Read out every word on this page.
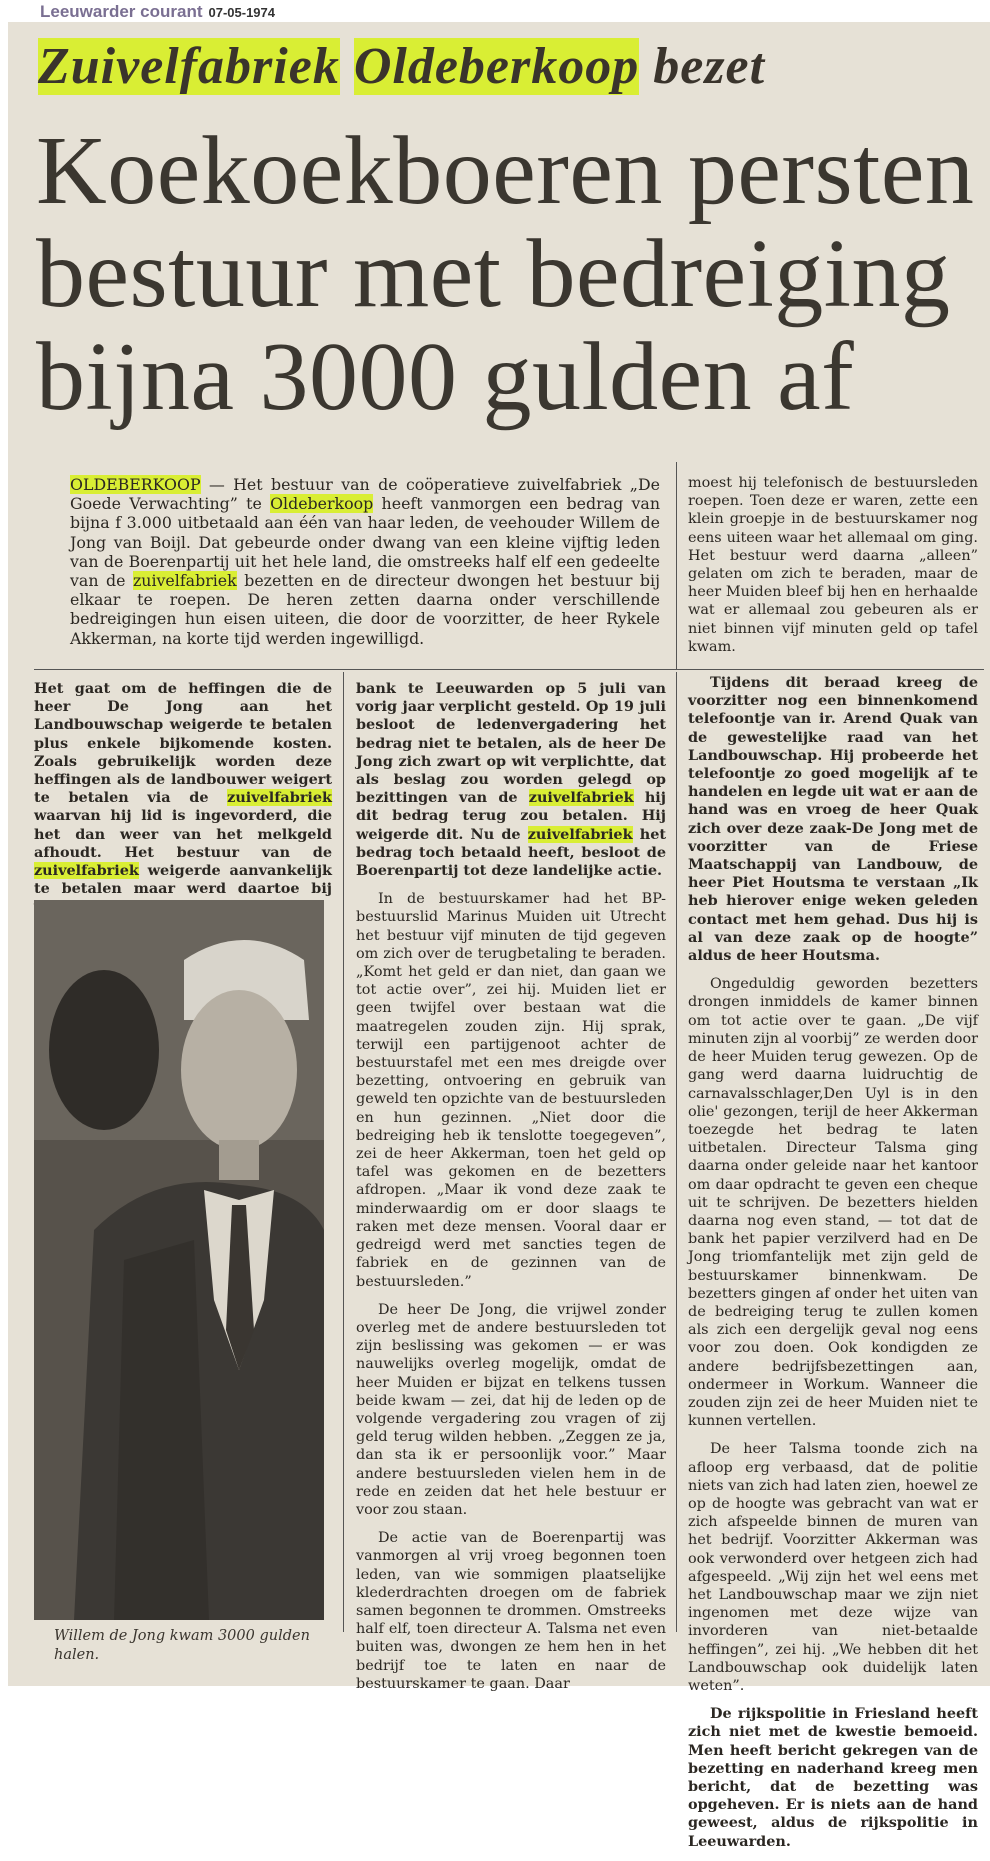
Leeuwarder courant 07-05-1974
Zuivelfabriek Oldeberkoop bezet
Koekoekboeren persten
bestuur met bedreiging
bijna 3000 gulden af
OLDEBERKOOP — Het bestuur van de coöperatieve zuivelfabriek „De Goede Verwachting” te Oldeberkoop heeft vanmorgen een bedrag van bijna f 3.000 uitbetaald aan één van haar leden, de veehouder Willem de Jong van Boijl. Dat gebeurde onder dwang van een kleine vijftig leden van de Boerenpartij uit het hele land, die omstreeks half elf een gedeelte van de zuivelfabriek bezetten en de directeur dwongen het bestuur bij elkaar te roepen. De heren zetten daarna onder verschillende bedreigingen hun eisen uiteen, die door de voorzitter, de heer Rykele Akkerman, na korte tijd werden ingewilligd.
Het gaat om de heffingen die de heer De Jong aan het Landbouwschap weigerde te betalen plus enkele bijkomende kosten. Zoals gebruikelijk worden deze heffingen als de landbouwer weigert te betalen via de zuivelfabriek waarvan hij lid is ingevorderd, die het dan weer van het melkgeld afhoudt. Het bestuur van de zuivelfabriek weigerde aanvankelijk te betalen maar werd daartoe bij
Willem de Jong kwam 3000 gulden halen.

bank te Leeuwarden op 5 juli van vorig jaar verplicht gesteld. Op 19 juli besloot de ledenvergadering het bedrag niet te betalen, als de heer De Jong zich zwart op wit verplichtte, dat als beslag zou worden gelegd op bezittingen van de zuivelfabriek hij dit bedrag terug zou betalen. Hij weigerde dit. Nu de zuivelfabriek het bedrag toch betaald heeft, besloot de Boerenpartij tot deze landelijke actie.

In de bestuurskamer had het BP-bestuurslid Marinus Muiden uit Utrecht het bestuur vijf minuten de tijd gegeven om zich over de terugbetaling te beraden. „Komt het geld er dan niet, dan gaan we tot actie over”, zei hij. Muiden liet er geen twijfel over bestaan wat die maatregelen zouden zijn. Hij sprak, terwijl een partijgenoot achter de bestuurstafel met een mes dreigde over bezetting, ontvoering en gebruik van geweld ten opzichte van de bestuursleden en hun gezinnen. „Niet door die bedreiging heb ik tenslotte toegegeven”, zei de heer Akkerman, toen het geld op tafel was gekomen en de bezetters afdropen. „Maar ik vond deze zaak te minderwaardig om er door slaags te raken met deze mensen. Vooral daar er gedreigd werd met sancties tegen de fabriek en de gezinnen van de bestuursleden.”

De heer De Jong, die vrijwel zonder overleg met de andere bestuursleden tot zijn beslissing was gekomen — er was nauwelijks overleg mogelijk, omdat de heer Muiden er bijzat en telkens tussen beide kwam — zei, dat hij de leden op de volgende vergadering zou vragen of zij geld terug wilden hebben. „Zeggen ze ja, dan sta ik er persoonlijk voor.” Maar andere bestuursleden vielen hem in de rede en zeiden dat het hele bestuur er voor zou staan.

De actie van de Boerenpartij was vanmorgen al vrij vroeg begonnen toen leden, van wie sommigen plaatselijke klederdrachten droegen om de fabriek samen begonnen te drommen. Omstreeks half elf, toen directeur A. Talsma net even buiten was, dwongen ze hem hen in het bedrijf toe te laten en naar de bestuurskamer te gaan. Daar

moest hij telefonisch de bestuursleden roepen. Toen deze er waren, zette een klein groepje in de bestuurskamer nog eens uiteen waar het allemaal om ging. Het bestuur werd daarna „alleen” gelaten om zich te beraden, maar de heer Muiden bleef bij hen en herhaalde wat er allemaal zou gebeuren als er niet binnen vijf minuten geld op tafel kwam.

Tijdens dit beraad kreeg de voorzitter nog een binnenkomend telefoontje van ir. Arend Quak van de gewestelijke raad van het Landbouwschap. Hij probeerde het telefoontje zo goed mogelijk af te handelen en legde uit wat er aan de hand was en vroeg de heer Quak zich over deze zaak-De Jong met de voorzitter van de Friese Maatschappij van Landbouw, de heer Piet Houtsma te verstaan „Ik heb hierover enige weken geleden contact met hem gehad. Dus hij is al van deze zaak op de hoogte” aldus de heer Houtsma.

Ongeduldig geworden bezetters drongen inmiddels de kamer binnen om tot actie over te gaan. „De vijf minuten zijn al voorbij” ze werden door de heer Muiden terug gewezen. Op de gang werd daarna luidruchtig de carnavalsschlager,Den Uyl is in den olie' gezongen, terijl de heer Akkerman toezegde het bedrag te laten uitbetalen. Directeur Talsma ging daarna onder geleide naar het kantoor om daar opdracht te geven een cheque uit te schrijven. De bezetters hielden daarna nog even stand, — tot dat de bank het papier verzilverd had en De Jong triomfantelijk met zijn geld de bestuurskamer binnenkwam. De bezetters gingen af onder het uiten van de bedreiging terug te zullen komen als zich een dergelijk geval nog eens voor zou doen. Ook kondigden ze andere bedrijfsbezettingen aan, ondermeer in Workum. Wanneer die zouden zijn zei de heer Muiden niet te kunnen vertellen.

De heer Talsma toonde zich na afloop erg verbaasd, dat de politie niets van zich had laten zien, hoewel ze op de hoogte was gebracht van wat er zich afspeelde binnen de muren van het bedrijf. Voorzitter Akkerman was ook verwonderd over hetgeen zich had afgespeeld. „Wij zijn het wel eens met het Landbouwschap maar we zijn niet ingenomen met deze wijze van invorderen van niet-betaalde heffingen”, zei hij. „We hebben dit het Landbouwschap ook duidelijk laten weten”.

De rijkspolitie in Friesland heeft zich niet met de kwestie bemoeid. Men heeft bericht gekregen van de bezetting en naderhand kreeg men bericht, dat de bezetting was opgeheven. Er is niets aan de hand geweest, aldus de rijkspolitie in Leeuwarden.
